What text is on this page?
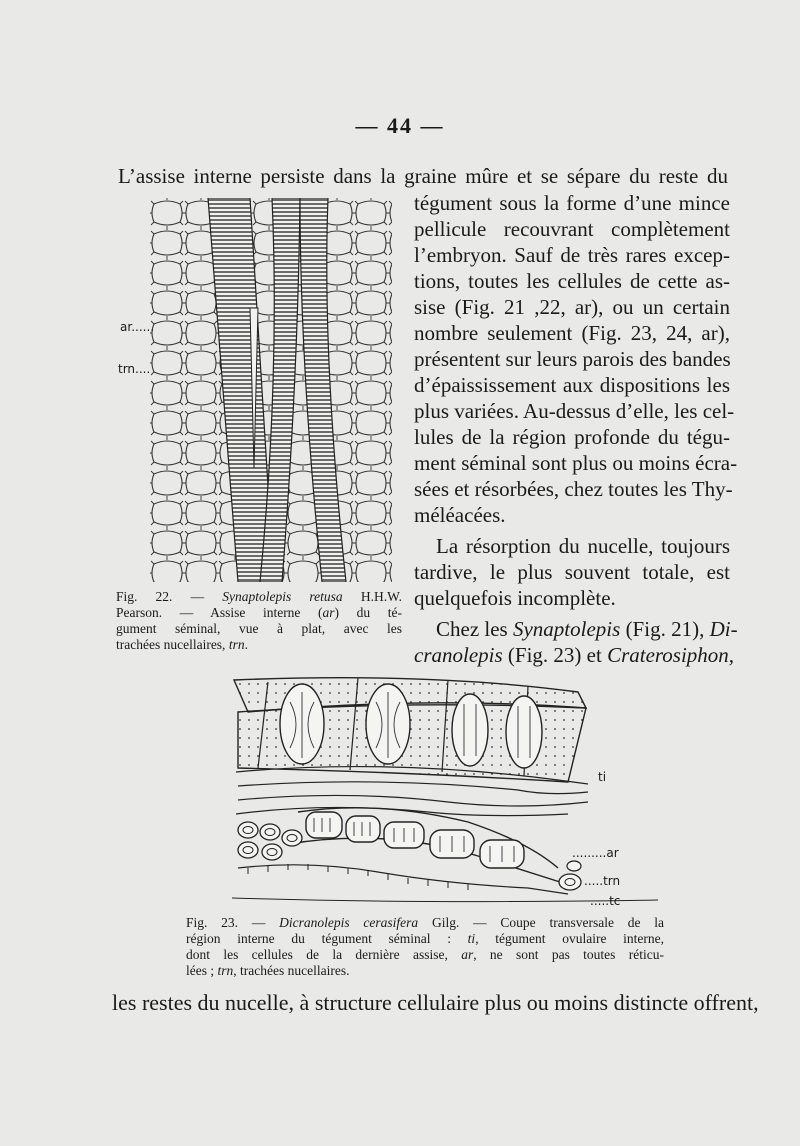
— 44 —
L’assise interne persiste dans la graine mûre et se sépare du reste du
tégument sous la forme d’une mince
pellicule recouvrant complètement
l’embryon. Sauf de très rares excep-
tions, toutes les cellules de cette as-
sise (Fig. 21 ,22, ar), ou un certain
nombre seulement (Fig. 23, 24, ar),
présentent sur leurs parois des bandes
d’épaississement aux dispositions les
plus variées. Au-dessus d’elle, les cel-
lules de la région profonde du tégu-
ment séminal sont plus ou moins écra-
sées et résorbées, chez toutes les Thy-
méléacées.
La résorption du nucelle, toujours
tardive, le plus souvent totale, est
quelquefois incomplète.
Chez les Synaptolepis (Fig. 21), Di-
cranolepis (Fig. 23) et Craterosiphon,
ar......
trn....
Fig. 22. — Synaptolepis retusa H.H.W.
Pearson. — Assise interne (ar) du té-
gument séminal, vue à plat, avec les
trachées nucellaires, trn.
ti
.........ar
.....trn
.....tc
Fig. 23. — Dicranolepis cerasifera Gilg. — Coupe transversale de la
région interne du tégument séminal : ti, tégument ovulaire interne,
dont les cellules de la dernière assise, ar, ne sont pas toutes réticu-
lées ; trn, trachées nucellaires.
les restes du nucelle, à structure cellulaire plus ou moins distincte offrent,
